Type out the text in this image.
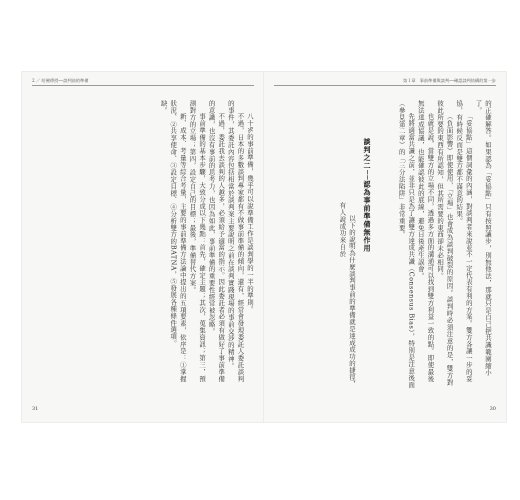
2 ／ 哈佛傳授──談判前的準備

八十%的事前準備，幾乎可以說準備工作是談判學的一半的準則。

不過，日本的多數談判專家都有不做事前準備的傾向，還有，經常會發現委託人委託談判的事件，其委託內容包括相當於談判案主要說明之前在談判實踐現場的事前交涉的精神。

不過，委託我去談判的人越多，必須給予適當的指示。因此委託者必須有做好了事前準備的意識，也沒有事前的思考力，也因為如此，事前準備的重要性經常被忽略。

事前準備的基本步驟，大致分成以下幾點：首先，確定主題；其次，蒐集資訊；第三，預測對方的立場；第四，設定自己的目標；最後，準備替代方案。

新、成本、考量等綜合考量，主要的事前準備方法論中提出的五項要素，依序是：①掌握狀況、②共享使命、③設定目標、④分析雙方的BATNA，⑤發展各種條件選項。

缺。

31
第１章　事前準備與談判──確認談判結構的第一步

的正確解答。如果認為「妥協點」只有按照讓步，別無他法，那就只是自己把共識範圍縮小了。

「妥協點」這個詞彙的內涵，對談判者來說並不一定代表有利的方案。雙方各讓一步的妥協，有時候反而是雙方都不滿意的結果。

（負面影響）即使使用，「立場」也會成為談判破裂的原因。談判時必須注意的是，雙方對彼此所要的東西有所認知，但其所需要的東西卻未必相同。

也就是說，當雙方的立場不同，透過多方面的溝通可以找到雙方利益一致的點。即使最後無法達成協議，也能確認彼此的底線，避免日後產生誤會。

先將適當共識之前，並非只是為了讓雙方達成共識（Consensus Bias），特別是注意後面（參見第二章）的「三分法陷阱」非常重要。

談判之二──認為事前準備無作用

以下的說明為什麼談判事前的準備就是達成成功的捷徑，有人說成功來自於

30
